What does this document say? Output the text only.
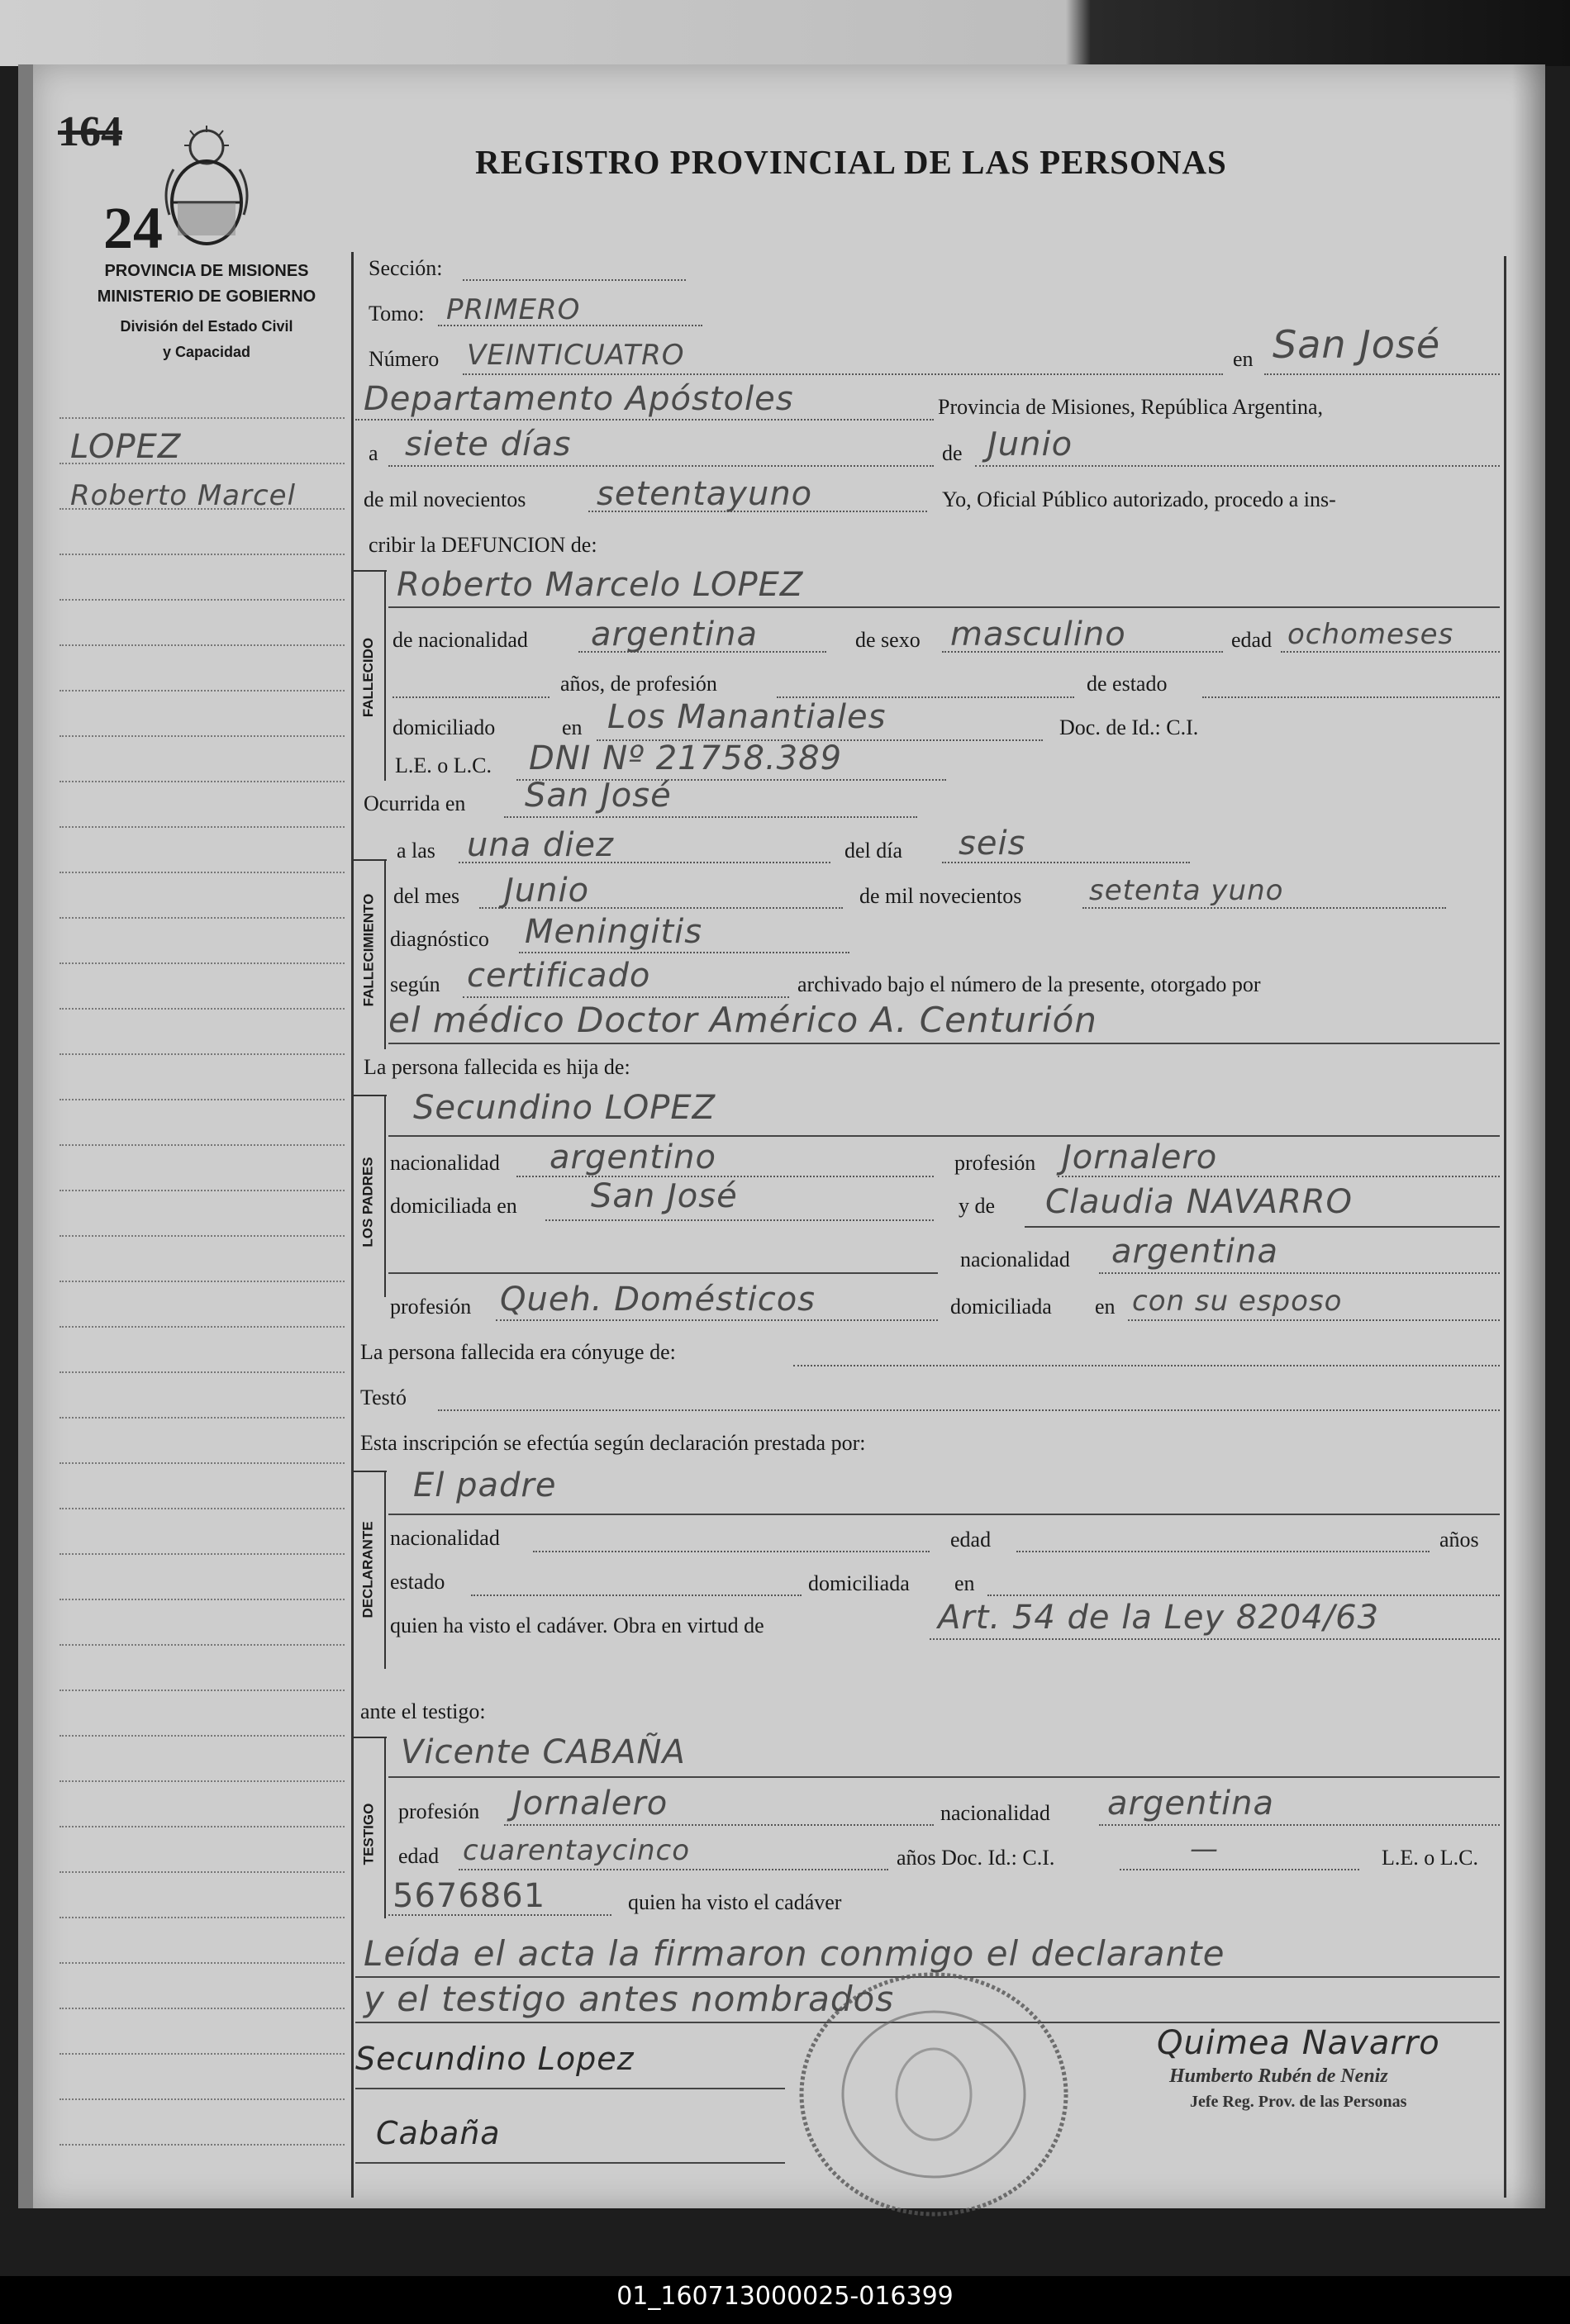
164
24
REGISTRO PROVINCIAL DE LAS PERSONAS
PROVINCIA DE MISIONES
MINISTERIO DE GOBIERNO
División del Estado Civil
y Capacidad
LOPEZ
Roberto Marcel
Sección:
Tomo: PRIMERO
Número VEINTICUATRO	en San José
Departamento Apóstoles	Provincia de Misiones, República Argentina,
a siete días	de Junio
de mil novecientos setentayuno	Yo, Oficial Público autorizado, procedo a ins-
cribir la DEFUNCION de:
FALLECIDO
Roberto Marcelo LOPEZ
de nacionalidad argentina	de sexo masculino	edad ochomeses
años, de profesión	de estado
domiciliado	en Los Manantiales	Doc. de Id.: C.I.
L.E. o L.C. DNI Nº 21758.389
Ocurrida en San José
FALLECIMIENTO
a las una diez	del día seis
del mes Junio	de mil novecientos setenta yuno
diagnóstico Meningitis
según certificado	archivado bajo el número de la presente, otorgado por
el médico Doctor Américo A. Centurión
La persona fallecida es hija de:
LOS PADRES
Secundino LOPEZ
nacionalidad argentino	profesión Jornalero
domiciliada en San José	y de Claudia NAVARRO
nacionalidad argentina
profesión Queh. Domésticos	domiciliada en con su esposo
La persona fallecida era cónyuge de:
Testó
Esta inscripción se efectúa según declaración prestada por:
DECLARANTE
El padre
nacionalidad	edad	años
estado	domiciliada en
quien ha visto el cadáver. Obra en virtud de	Art. 54 de la Ley 8204/63
ante el testigo:
TESTIGO
Vicente CABAÑA
profesión Jornalero	nacionalidad argentina
edad cuarentaycinco	años Doc. Id.: C.I.	—	L.E. o L.C.
5676861	quien ha visto el cadáver
Leída el acta la firmaron conmigo el declarante
y el testigo antes nombrados
Secundino Lopez
Cabaña
Quimea Navarro
Humberto Rubén de Neniz
Jefe Reg. Prov. de las Personas
01_160713000025-016399
